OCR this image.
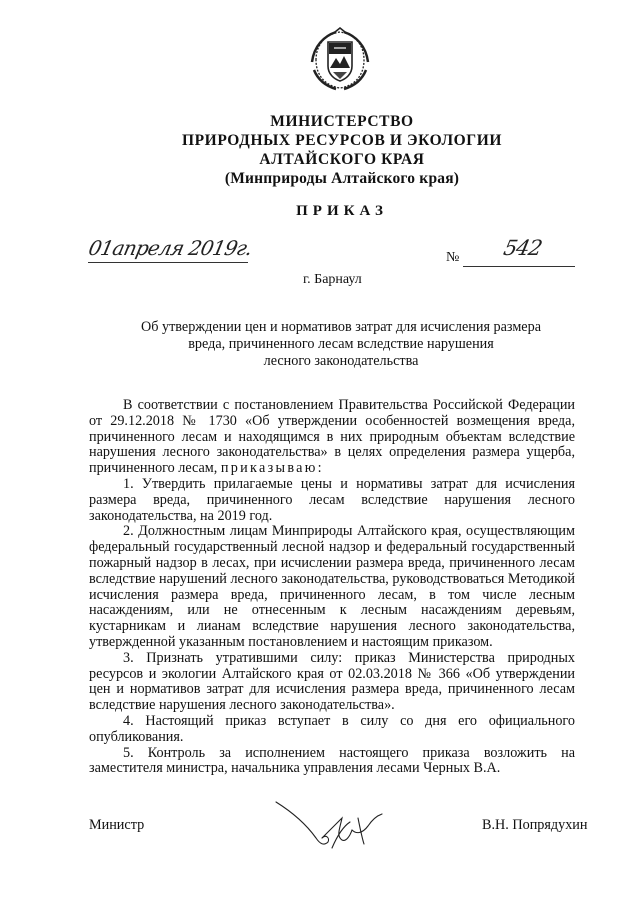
МИНИСТЕРСТВО
ПРИРОДНЫХ РЕСУРСОВ И ЭКОЛОГИИ
АЛТАЙСКОГО КРАЯ
(Минприроды Алтайского края)
ПРИКАЗ
01апреля 2019г.	№ 542
г. Барнаул
Об утверждении цен и нормативов затрат для исчисления размера
вреда, причиненного лесам вследствие нарушения
лесного законодательства

В соответствии с постановлением Правительства Российской Федерации от 29.12.2018 № 1730 «Об утверждении особенностей возмещения вреда, причиненного лесам и находящимся в них природным объектам вследствие нарушения лесного законодательства» в целях определения размера ущерба, причиненного лесам, приказываю:

1. Утвердить прилагаемые цены и нормативы затрат для исчисления размера вреда, причиненного лесам вследствие нарушения лесного законодательства, на 2019 год.

2. Должностным лицам Минприроды Алтайского края, осуществляющим федеральный государственный лесной надзор и федеральный государственный пожарный надзор в лесах, при исчислении размера вреда, причиненного лесам вследствие нарушений лесного законодательства, руководствоваться Методикой исчисления размера вреда, причиненного лесам, в том числе лесным насаждениям, или не отнесенным к лесным насаждениям деревьям, кустарникам и лианам вследствие нарушения лесного законодательства, утвержденной указанным постановлением и настоящим приказом.

3. Признать утратившими силу: приказ Министерства природных ресурсов и экологии Алтайского края от 02.03.2018 № 366 «Об утверждении цен и нормативов затрат для исчисления размера вреда, причиненного лесам вследствие нарушения лесного законодательства».

4. Настоящий приказ вступает в силу со дня его официального опубликования.

5. Контроль за исполнением настоящего приказа возложить на заместителя министра, начальника управления лесами Черных В.А.

Министр	В.Н. Попрядухин
